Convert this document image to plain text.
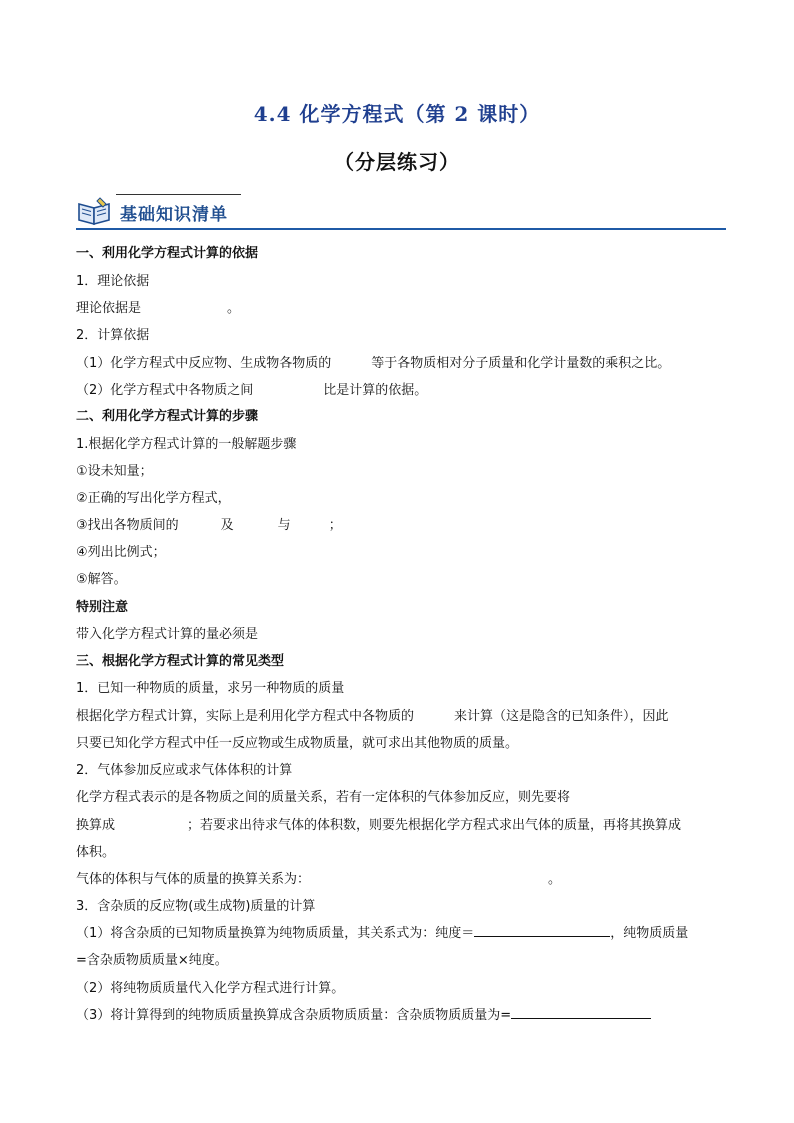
4.4 化学方程式（第 2 课时）
（分层练习）
基础知识清单
一、利用化学方程式计算的依据
1．理论依据
理论依据是	。
2．计算依据
（1）化学方程式中反应物、生成物各物质的	等于各物质相对分子质量和化学计量数的乘积之比。
（2）化学方程式中各物质之间	比是计算的依据。
二、利用化学方程式计算的步骤
1.根据化学方程式计算的一般解题步骤
①设未知量；
②正确的写出化学方程式，
③找出各物质间的	及	与	；
④列出比例式；
⑤解答。
特别注意
带入化学方程式计算的量必须是
三、根据化学方程式计算的常见类型
1．已知一种物质的质量，求另一种物质的质量
根据化学方程式计算，实际上是利用化学方程式中各物质的	来计算（这是隐含的已知条件），因此
只要已知化学方程式中任一反应物或生成物质量，就可求出其他物质的质量。
2．气体参加反应或求气体体积的计算
化学方程式表示的是各物质之间的质量关系，若有一定体积的气体参加反应，则先要将
换算成	；若要求出待求气体的体积数，则要先根据化学方程式求出气体的质量，再将其换算成
体积。
气体的体积与气体的质量的换算关系为：	。
3．含杂质的反应物(或生成物)质量的计算
（1）将含杂质的已知物质量换算为纯物质质量，其关系式为：纯度＝	，纯物质质量
=含杂质物质质量×纯度。
（2）将纯物质质量代入化学方程式进行计算。
（3）将计算得到的纯物质质量换算成含杂质物质质量：含杂质物质质量为=
